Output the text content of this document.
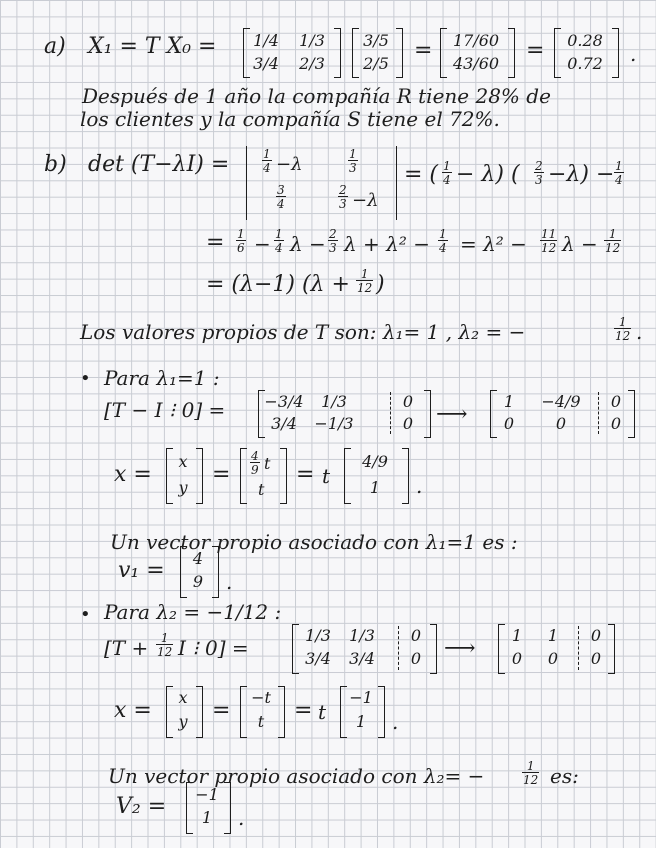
a) X₁ = T X₀ =	1/4	1/3
3/4	2/3
3/5
2/5
=	17/60
43/60
=	0.28
0.72 .
Después de 1 año la compañía R tiene 28% de
los clientes y la compañía S tiene el 72%.
b) det (T−λI) =	$\frac{1}{4} -\lambda$	$\frac{1}{3}$
$\frac{3}{4}$	$\frac{2}{3} -\lambda$
= ( $\frac{1}{4} - \lambda$) ( $\frac{2}{3} -\lambda) - \frac{1}{4}$
= $\frac{1}{6} - \frac{1}{4}$ $\lambda - \frac{2}{3}$ $\lambda + \lambda^2 - \frac{1}{4} = \lambda^2 - \frac{11}{12}$ $\lambda - \frac{1}{12}$
= (λ−1) ($\lambda + \frac{1}{12}$ )
Los valores propios de T son: λ₁= 1 , λ₂ = −	$\frac{1}{12}$ .
• Para λ₁=1 :
[T − I ⁝ 0] = −3/4	1/3	0
3/4	−1/3	0	⟶
1	−4/9	0
0	0	0
x =
x
y
= $\frac{4}{9}$ t
t
= t
4/9
1	.
Un vector propio asociado con λ₁=1 es :
v₁ =	4
9	.
• Para λ₂ = −1/12 :
[$T + \frac{1}{12}$ I ⁝ 0] =
1/3	1/3	0
3/4	3/4	0	⟶
1	1	0
0	0	0
x =
x
y	=
−t
t	= t
−1
1	.
Un vector propio asociado con λ₂= −	$\frac{1}{12}$ es:
V₂ =	−1
1	.
